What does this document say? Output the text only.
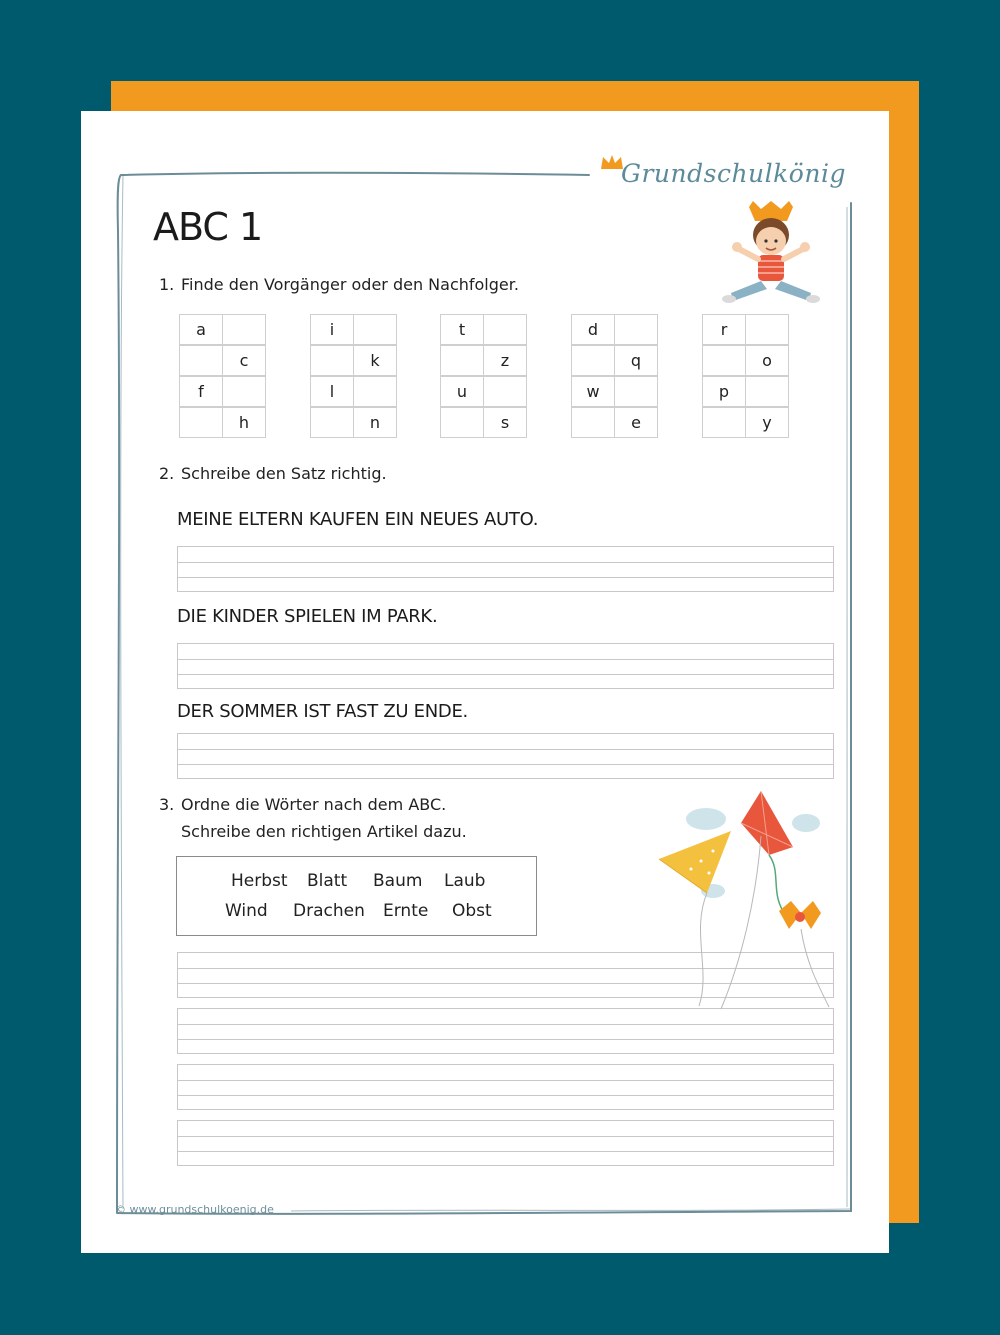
Grundschulkönig
ABC 1
1. Finde den Vorgänger oder den Nachfolger.
a
c
f
h
i
k
l
n
t
z
u
s
d
q
w
e
r
o
p
y
2. Schreibe den Satz richtig.
MEINE ELTERN KAUFEN EIN NEUES AUTO.
DIE KINDER SPIELEN IM PARK.
DER SOMMER IST FAST ZU ENDE.
3. Ordne die Wörter nach dem ABC.
Schreibe den richtigen Artikel dazu.
Herbst Blatt Baum Laub
Wind Drachen Ernte Obst
© www.grundschulkoenig.de
